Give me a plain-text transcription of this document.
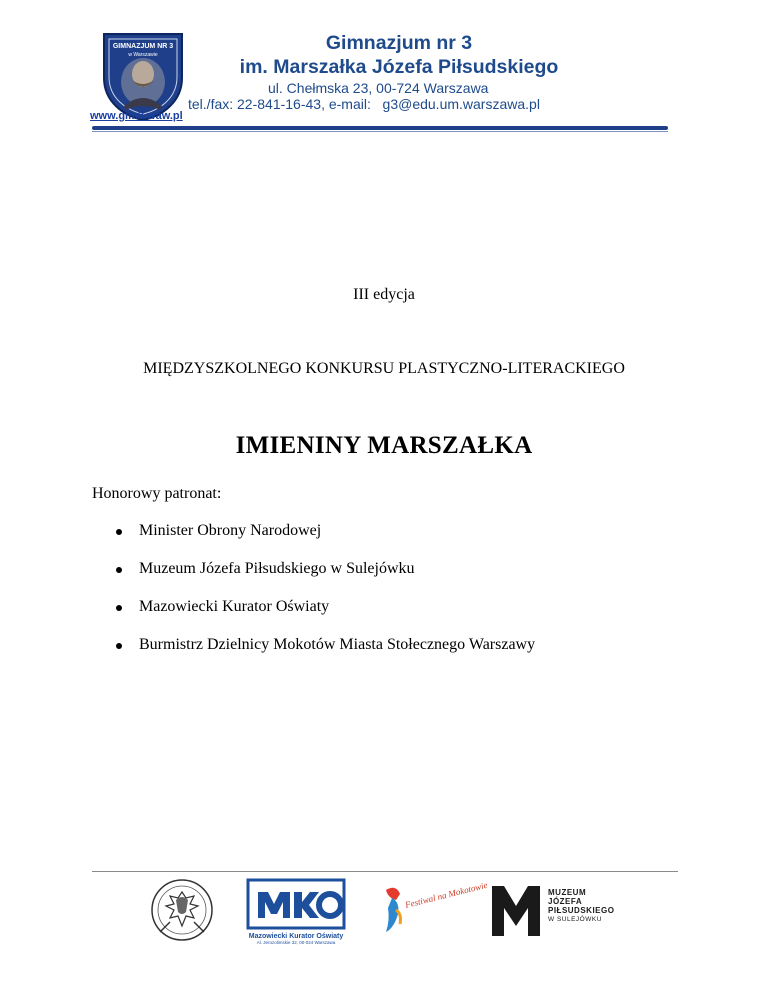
GIMNAZJUM NR 3
w Warszawie
Gimnazjum nr 3
im. Marszałka Józefa Piłsudskiego
ul. Chełmska 23, 00-724 Warszawa
tel./fax: 22-841-16-43, e-mail:   g3@edu.um.warszawa.pl
www.gim3.waw.pl
III edycja
MIĘDZYSZKOLNEGO KONKURSU PLASTYCZNO-LITERACKIEGO
IMIENINY MARSZAŁKA
Honorowy patronat:
Minister Obrony Narodowej
Muzeum Józefa Piłsudskiego w Sulejówku
Mazowiecki Kurator Oświaty
Burmistrz Dzielnicy Mokotów Miasta Stołecznego Warszawy
Mazowiecki Kurator Oświaty
Al. Jerozolimskie 32, 00-024 Warszawa
Festiwal na Mokotowie	MUZEUM
JÓZEFA
PIŁSUDSKIEGO
W SULEJÓWKU
